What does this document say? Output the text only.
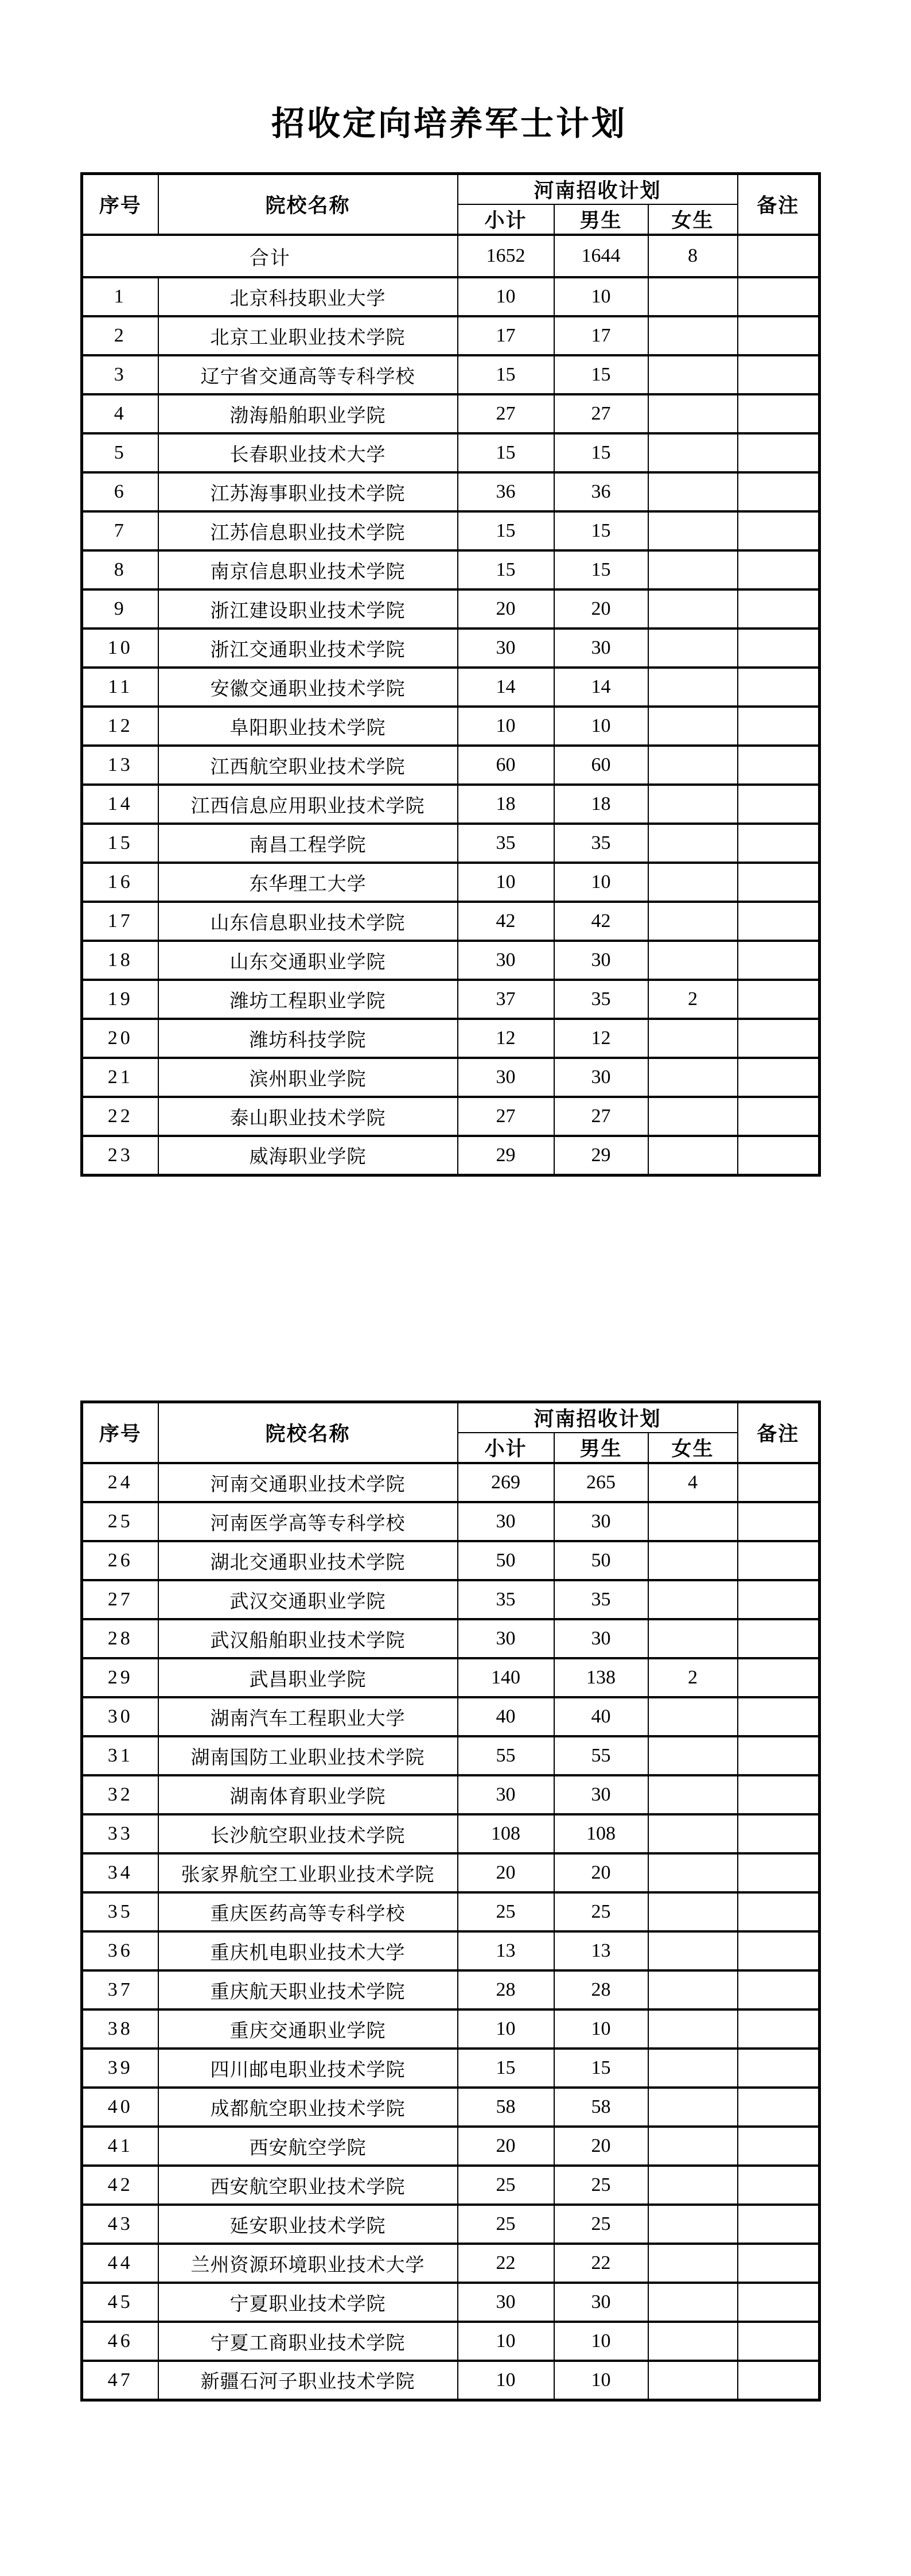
招收定向培养军士计划
序号	院校名称	河南招收计划			备注
		小计	男生	女生	
合计		1652	1644	8	
1	北京科技职业大学	10	10		
2	北京工业职业技术学院	17	17		
3	辽宁省交通高等专科学校	15	15		
4	渤海船舶职业学院	27	27		
5	长春职业技术大学	15	15		
6	江苏海事职业技术学院	36	36		
7	江苏信息职业技术学院	15	15		
8	南京信息职业技术学院	15	15		
9	浙江建设职业技术学院	20	20		
10	浙江交通职业技术学院	30	30		
11	安徽交通职业技术学院	14	14		
12	阜阳职业技术学院	10	10		
13	江西航空职业技术学院	60	60		
14	江西信息应用职业技术学院	18	18		
15	南昌工程学院	35	35		
16	东华理工大学	10	10		
17	山东信息职业技术学院	42	42		
18	山东交通职业学院	30	30		
19	潍坊工程职业学院	37	35	2	
20	潍坊科技学院	12	12		
21	滨州职业学院	30	30		
22	泰山职业技术学院	27	27		
23	威海职业学院	29	29		
序号	院校名称	河南招收计划			备注
		小计	男生	女生	
24	河南交通职业技术学院	269	265	4	
25	河南医学高等专科学校	30	30		
26	湖北交通职业技术学院	50	50		
27	武汉交通职业学院	35	35		
28	武汉船舶职业技术学院	30	30		
29	武昌职业学院	140	138	2	
30	湖南汽车工程职业大学	40	40		
31	湖南国防工业职业技术学院	55	55		
32	湖南体育职业学院	30	30		
33	长沙航空职业技术学院	108	108		
34	张家界航空工业职业技术学院	20	20		
35	重庆医药高等专科学校	25	25		
36	重庆机电职业技术大学	13	13		
37	重庆航天职业技术学院	28	28		
38	重庆交通职业学院	10	10		
39	四川邮电职业技术学院	15	15		
40	成都航空职业技术学院	58	58		
41	西安航空学院	20	20		
42	西安航空职业技术学院	25	25		
43	延安职业技术学院	25	25		
44	兰州资源环境职业技术大学	22	22		
45	宁夏职业技术学院	30	30		
46	宁夏工商职业技术学院	10	10		
47	新疆石河子职业技术学院	10	10		
